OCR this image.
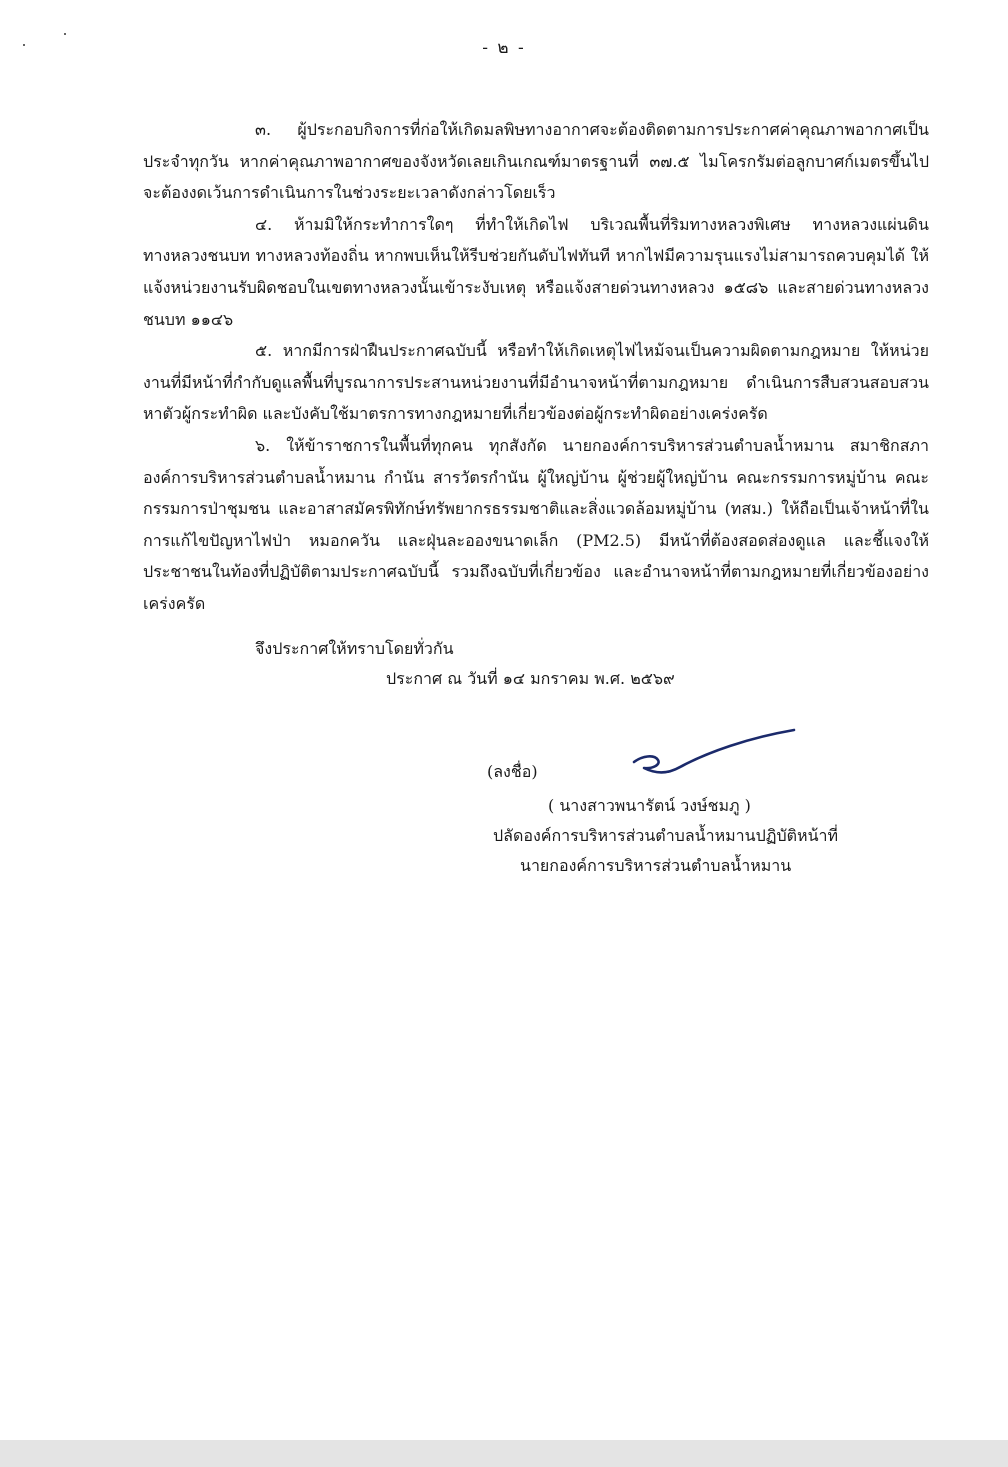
- ๒ -

๓. ผู้ประกอบกิจการที่ก่อให้เกิดมลพิษทางอากาศจะต้องติดตามการประกาศค่าคุณภาพอากาศเป็นประจำทุกวัน หากค่าคุณภาพอากาศของจังหวัดเลยเกินเกณฑ์มาตรฐานที่ ๓๗.๕ ไมโครกรัมต่อลูกบาศก์เมตรขึ้นไป จะต้องงดเว้นการดำเนินการในช่วงระยะเวลาดังกล่าวโดยเร็ว

๔. ห้ามมิให้กระทำการใดๆ ที่ทำให้เกิดไฟ บริเวณพื้นที่ริมทางหลวงพิเศษ ทางหลวงแผ่นดิน ทางหลวงชนบท ทางหลวงท้องถิ่น หากพบเห็นให้รีบช่วยกันดับไฟทันที หากไฟมีความรุนแรงไม่สามารถควบคุมได้ ให้แจ้งหน่วยงานรับผิดชอบในเขตทางหลวงนั้นเข้าระงับเหตุ หรือแจ้งสายด่วนทางหลวง ๑๕๘๖ และสายด่วนทางหลวงชนบท ๑๑๔๖

๕. หากมีการฝ่าฝืนประกาศฉบับนี้ หรือทำให้เกิดเหตุไฟไหม้จนเป็นความผิดตามกฎหมาย ให้หน่วยงานที่มีหน้าที่กำกับดูแลพื้นที่บูรณาการประสานหน่วยงานที่มีอำนาจหน้าที่ตามกฎหมาย ดำเนินการสืบสวนสอบสวนหาตัวผู้กระทำผิด และบังคับใช้มาตรการทางกฎหมายที่เกี่ยวข้องต่อผู้กระทำผิดอย่างเคร่งครัด

๖. ให้ข้าราชการในพื้นที่ทุกคน ทุกสังกัด นายกองค์การบริหารส่วนตำบลน้ำหมาน สมาชิกสภาองค์การบริหารส่วนตำบลน้ำหมาน กำนัน สารวัตรกำนัน ผู้ใหญ่บ้าน ผู้ช่วยผู้ใหญ่บ้าน คณะกรรมการหมู่บ้าน คณะกรรมการป่าชุมชน และอาสาสมัครพิทักษ์ทรัพยากรธรรมชาติและสิ่งแวดล้อมหมู่บ้าน (ทสม.) ให้ถือเป็นเจ้าหน้าที่ในการแก้ไขปัญหาไฟป่า หมอกควัน และฝุ่นละอองขนาดเล็ก (PM2.5) มีหน้าที่ต้องสอดส่องดูแล และชี้แจงให้ประชาชนในท้องที่ปฏิบัติตามประกาศฉบับนี้ รวมถึงฉบับที่เกี่ยวข้อง และอำนาจหน้าที่ตามกฎหมายที่เกี่ยวข้องอย่างเคร่งครัด

จึงประกาศให้ทราบโดยทั่วกัน
ประกาศ ณ วันที่ ๑๔ มกราคม พ.ศ. ๒๕๖๙
(ลงชื่อ)
( นางสาวพนารัตน์ วงษ์ชมภู )
ปลัดองค์การบริหารส่วนตำบลน้ำหมานปฏิบัติหน้าที่
นายกองค์การบริหารส่วนตำบลน้ำหมาน
